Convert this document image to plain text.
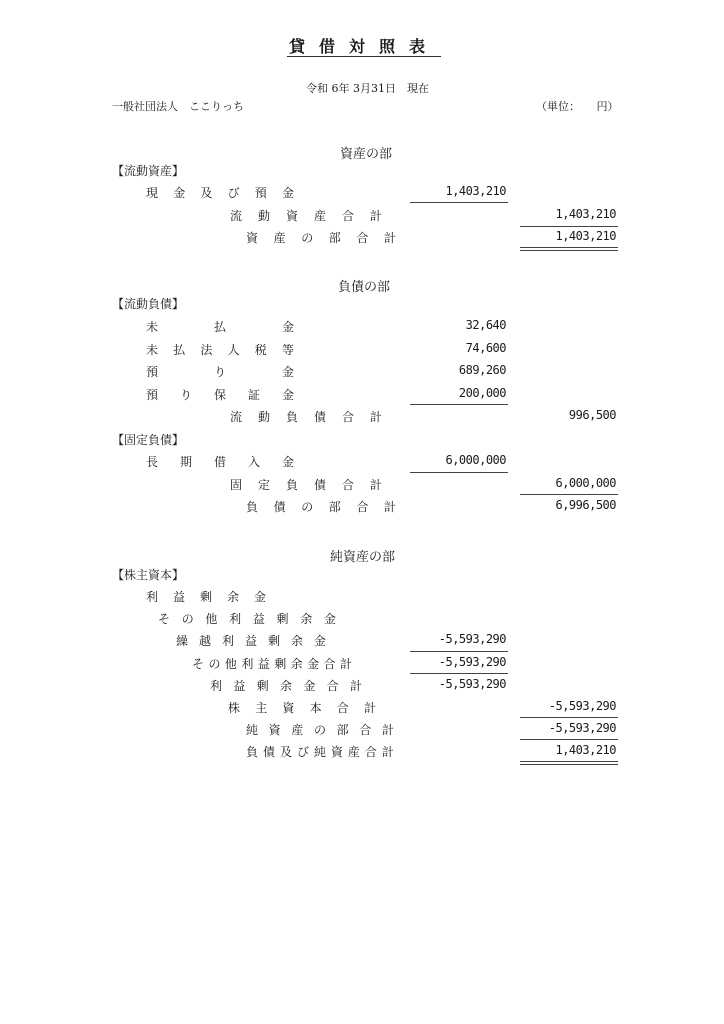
貸借対照表
令和 6年 3月31日　現在
一般社団法人　ここりっち	（単位：　　円）
資産の部
【流動資産】
現 金 及 び 預 金	1,403,210
流 動 資 産 合 計	1,403,210
資 産 の 部 合 計	1,403,210
負債の部
【流動負債】
未	払	金	32,640
未 払 法 人 税 等	74,600
預	り	金	689,260
預 り 保 証 金	200,000
流 動 負 債 合 計	996,500
【固定負債】
長 期 借 入 金	6,000,000
固 定 負 債 合 計	6,000,000
負 債 の 部 合 計	6,996,500
純資産の部
【株主資本】
利 益 剰 余 金
そ の 他 利 益 剰 余 金
繰 越 利 益 剰 余 金	-5,593,290
そ の 他 利 益 剰 余 金 合 計	-5,593,290
利 益 剰 余 金 合 計	-5,593,290
株 主 資 本 合 計	-5,593,290
純 資 産 の 部 合 計	-5,593,290
負 債 及 び 純 資 産 合 計	1,403,210
